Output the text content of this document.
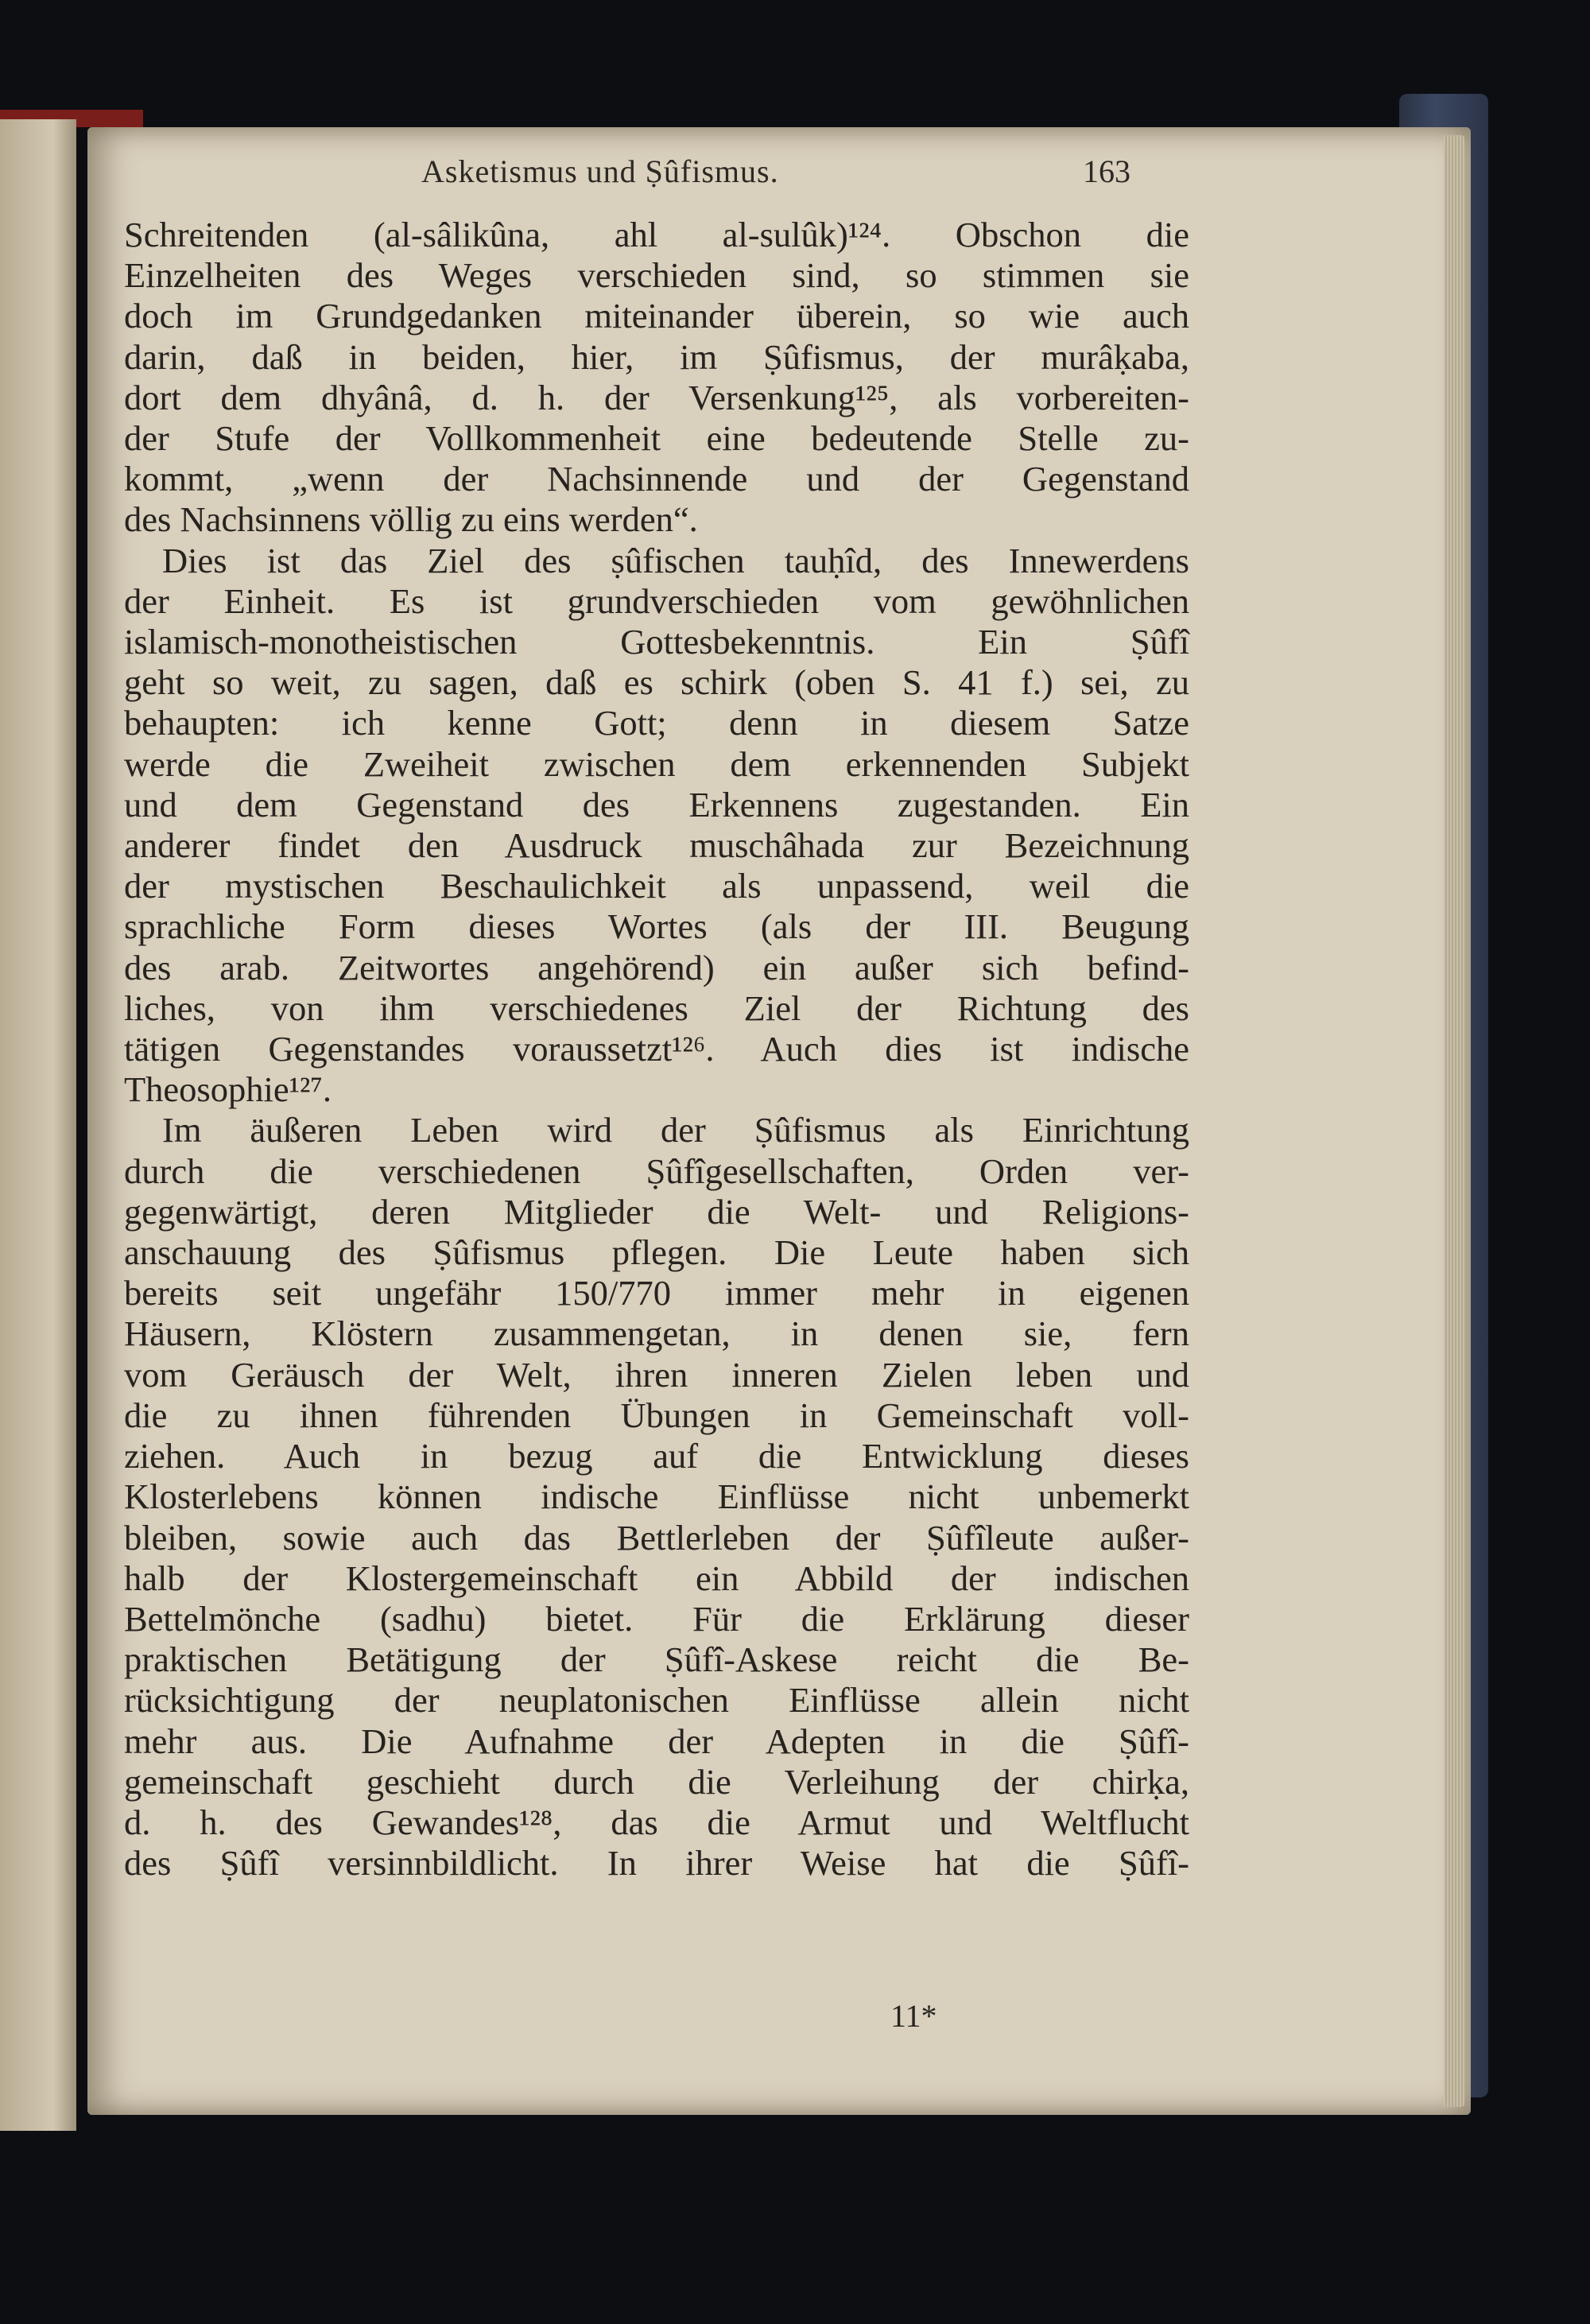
Asketismus und Ṣûfismus.	163
Schreitenden (al-sâlikûna, ahl al-sulûk)¹²⁴. Obschon die
Einzelheiten des Weges verschieden sind, so stimmen sie
doch im Grundgedanken miteinander überein, so wie auch
darin, daß in beiden, hier, im Ṣûfismus, der murâḳaba,
dort dem dhyânâ, d. h. der Versenkung¹²⁵, als vorbereiten-
der Stufe der Vollkommenheit eine bedeutende Stelle zu-
kommt, „wenn der Nachsinnende und der Gegenstand
des Nachsinnens völlig zu eins werden“.
Dies ist das Ziel des ṣûfischen tauḥîd, des Innewerdens
der Einheit. Es ist grundverschieden vom gewöhnlichen
islamisch-monotheistischen Gottesbekenntnis. Ein Ṣûfî
geht so weit, zu sagen, daß es schirk (oben S. 41 f.) sei, zu
behaupten: ich kenne Gott; denn in diesem Satze
werde die Zweiheit zwischen dem erkennenden Subjekt
und dem Gegenstand des Erkennens zugestanden. Ein
anderer findet den Ausdruck muschâhada zur Bezeichnung
der mystischen Beschaulichkeit als unpassend, weil die
sprachliche Form dieses Wortes (als der III. Beugung
des arab. Zeitwortes angehörend) ein außer sich befind-
liches, von ihm verschiedenes Ziel der Richtung des
tätigen Gegenstandes voraussetzt¹²⁶. Auch dies ist indische
Theosophie¹²⁷.
Im äußeren Leben wird der Ṣûfismus als Einrichtung
durch die verschiedenen Ṣûfîgesellschaften, Orden ver-
gegenwärtigt, deren Mitglieder die Welt- und Religions-
anschauung des Ṣûfismus pflegen. Die Leute haben sich
bereits seit ungefähr 150/770 immer mehr in eigenen
Häusern, Klöstern zusammengetan, in denen sie, fern
vom Geräusch der Welt, ihren inneren Zielen leben und
die zu ihnen führenden Übungen in Gemeinschaft voll-
ziehen. Auch in bezug auf die Entwicklung dieses
Klosterlebens können indische Einflüsse nicht unbemerkt
bleiben, sowie auch das Bettlerleben der Ṣûfîleute außer-
halb der Klostergemeinschaft ein Abbild der indischen
Bettelmönche (sadhu) bietet. Für die Erklärung dieser
praktischen Betätigung der Ṣûfî-Askese reicht die Be-
rücksichtigung der neuplatonischen Einflüsse allein nicht
mehr aus. Die Aufnahme der Adepten in die Ṣûfî-
gemeinschaft geschieht durch die Verleihung der chirḳa,
d. h. des Gewandes¹²⁸, das die Armut und Weltflucht
des Ṣûfî versinnbildlicht. In ihrer Weise hat die Ṣûfî-
11*
